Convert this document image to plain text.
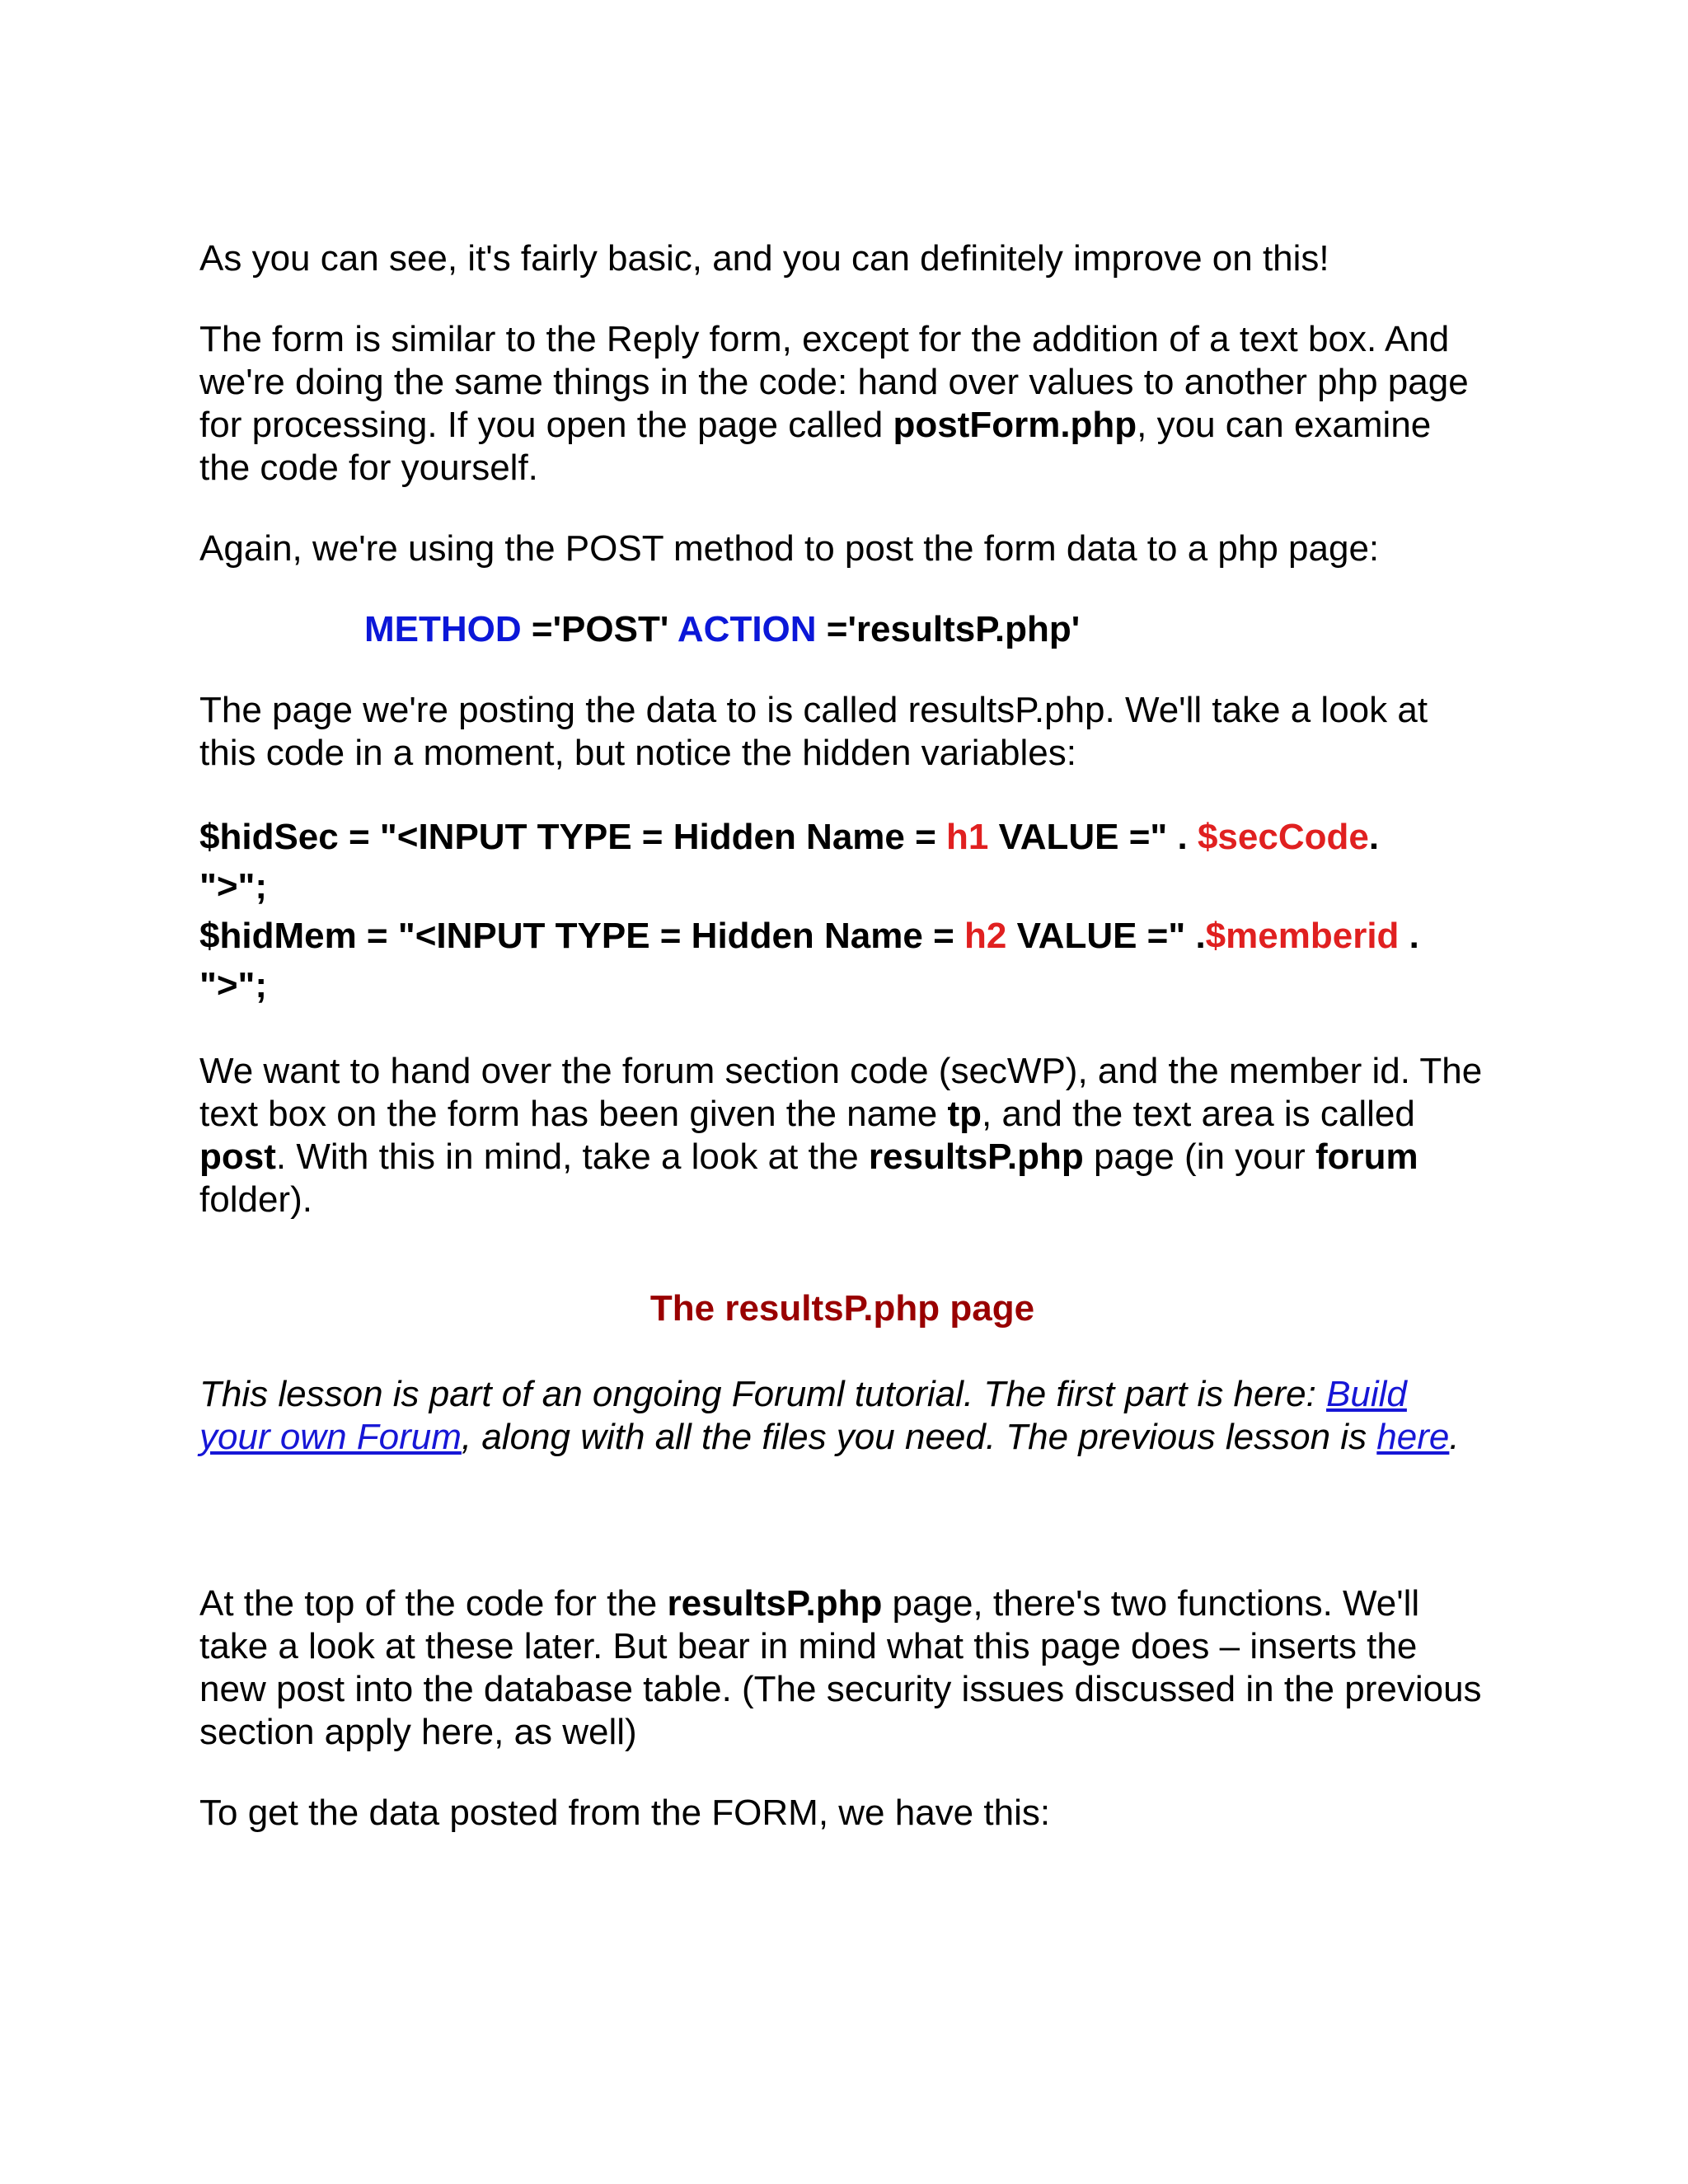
As you can see, it's fairly basic, and you can definitely improve on this!

The form is similar to the Reply form, except for the addition of a text box. And we're doing the same things in the code: hand over values to another php page for processing. If you open the page called postForm.php, you can examine the code for yourself.

Again, we're using the POST method to post the form data to a php page:

METHOD ='POST' ACTION ='resultsP.php'

The page we're posting the data to is called resultsP.php. We'll take a look at this code in a moment, but notice the hidden variables:

$hidSec = "<INPUT TYPE = Hidden Name = h1 VALUE =" . $secCode.
">";
$hidMem = "<INPUT TYPE = Hidden Name = h2 VALUE =" .$memberid .
">";

We want to hand over the forum section code (secWP), and the member id. The text box on the form has been given the name tp, and the text area is called post. With this in mind, take a look at the resultsP.php page (in your forum folder).

The resultsP.php page

This lesson is part of an ongoing Foruml tutorial. The first part is here: Build your own Forum, along with all the files you need. The previous lesson is here.

At the top of the code for the resultsP.php page, there's two functions. We'll take a look at these later. But bear in mind what this page does – inserts the new post into the database table. (The security issues discussed in the previous section apply here, as well)

To get the data posted from the FORM, we have this:
